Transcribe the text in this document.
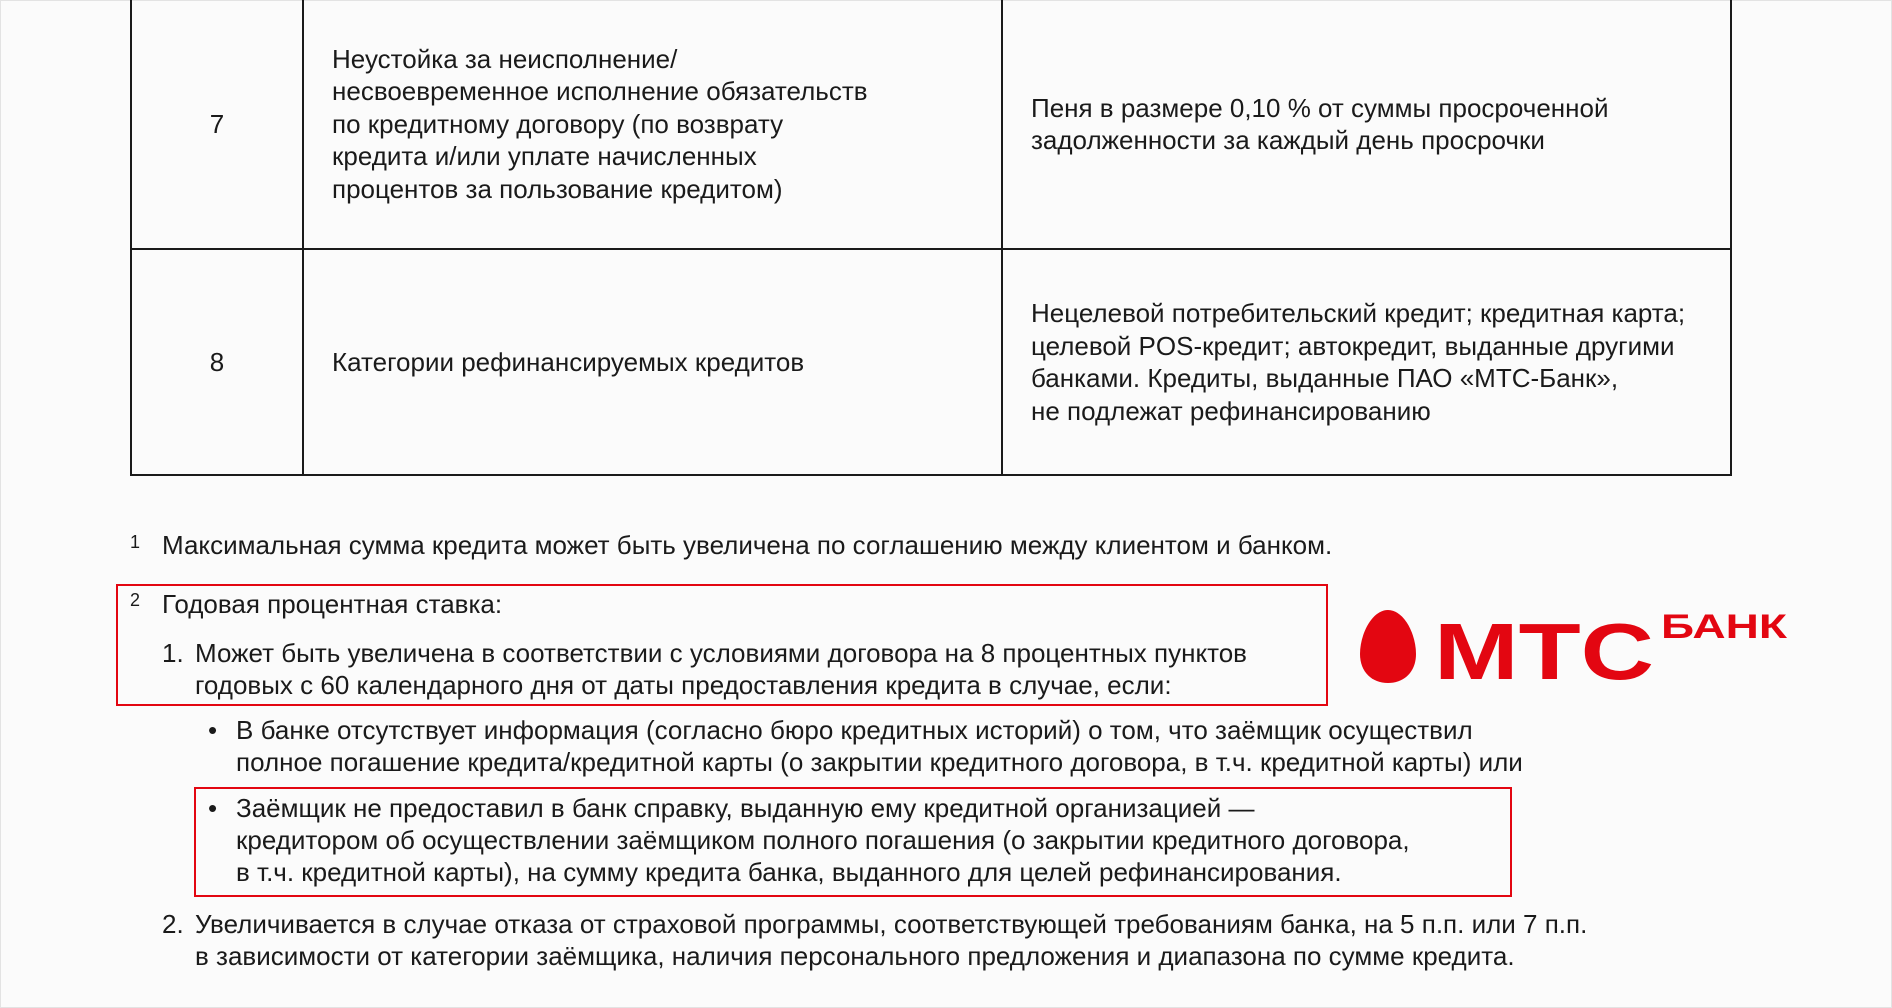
7	Неустойка за неисполнение/
несвоевременное исполнение обязательств
по кредитному договору (по возврату
кредита и/или уплате начисленных
процентов за пользование кредитом)	Пеня в размере 0,10 % от суммы просроченной
задолженности за каждый день просрочки

8	Категории рефинансируемых кредитов	Нецелевой потребительский кредит; кредитная карта;
целевой POS-кредит; автокредит, выданные другими
банками. Кредиты, выданные ПАО «МТС-Банк»,
не подлежат рефинансированию
1 Максимальная сумма кредита может быть увеличена по соглашению между клиентом и банком.
2 Годовая процентная ставка:
1. Может быть увеличена в соответствии с условиями договора на 8 процентных пунктов
годовых с 60 календарного дня от даты предоставления кредита в случае, если:
• В банке отсутствует информация (согласно бюро кредитных историй) о том, что заёмщик осуществил
полное погашение кредита/кредитной карты (о закрытии кредитного договора, в т.ч. кредитной карты) или
• Заёмщик не предоставил в банк справку, выданную ему кредитной организацией —
кредитором об осуществлении заёмщиком полного погашения (о закрытии кредитного договора,
в т.ч. кредитной карты), на сумму кредита банка, выданного для целей рефинансирования.
2. Увеличивается в случае отказа от страховой программы, соответствующей требованиям банка, на 5 п.п. или 7 п.п.
в зависимости от категории заёмщика, наличия персонального предложения и диапазона по сумме кредита.
МТС БАНК
